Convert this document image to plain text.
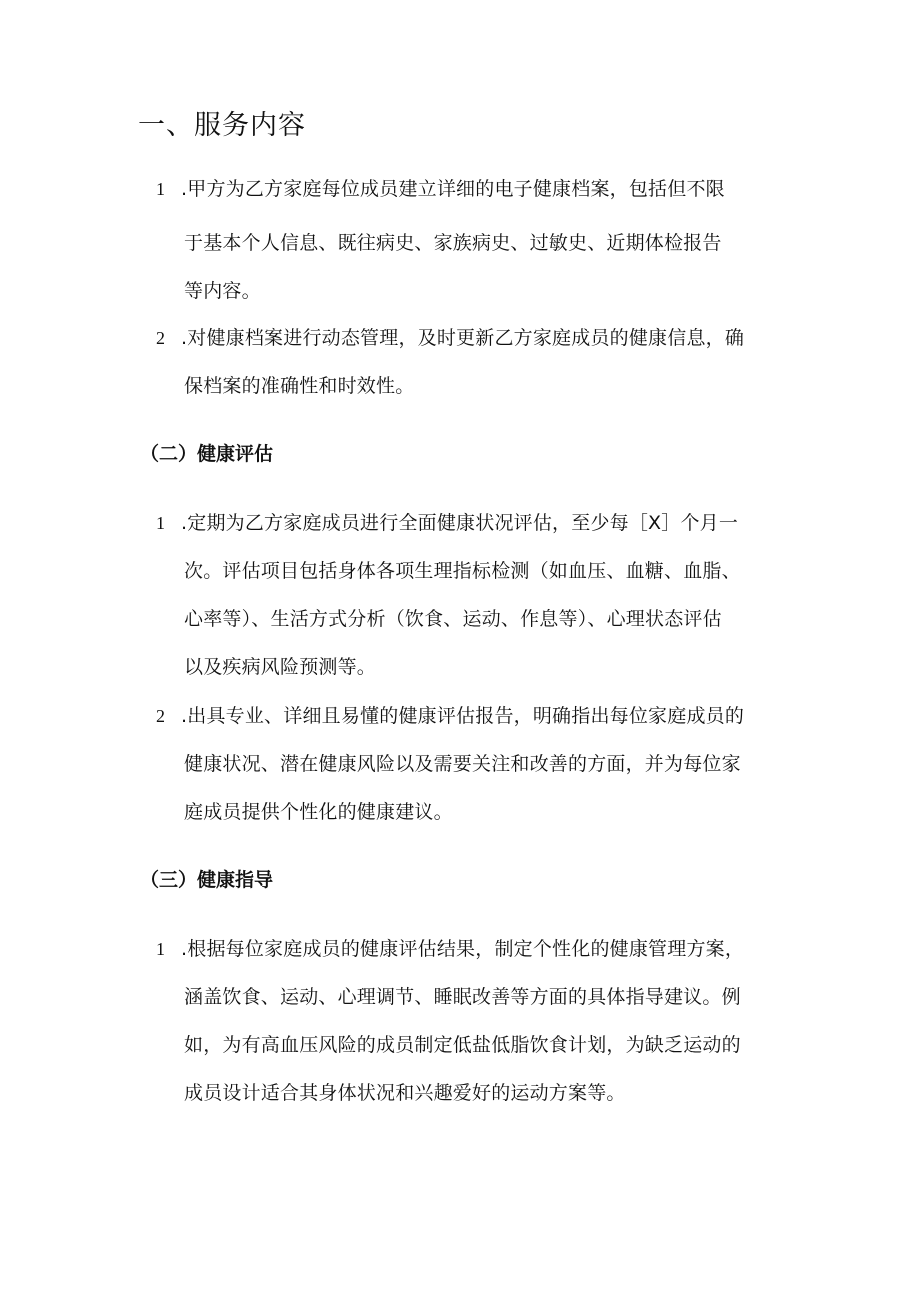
一、服务内容
1 .甲方为乙方家庭每位成员建立详细的电子健康档案，包括但不限
于基本个人信息、既往病史、家族病史、过敏史、近期体检报告
等内容。
2 .对健康档案进行动态管理，及时更新乙方家庭成员的健康信息，确
保档案的准确性和时效性。
（二）健康评估
1 .定期为乙方家庭成员进行全面健康状况评估，至少每［X］个月一
次。评估项目包括身体各项生理指标检测（如血压、血糖、血脂、
心率等）、生活方式分析（饮食、运动、作息等）、心理状态评估
以及疾病风险预测等。
2 .出具专业、详细且易懂的健康评估报告，明确指出每位家庭成员的
健康状况、潜在健康风险以及需要关注和改善的方面，并为每位家
庭成员提供个性化的健康建议。
（三）健康指导
1 .根据每位家庭成员的健康评估结果，制定个性化的健康管理方案，
涵盖饮食、运动、心理调节、睡眠改善等方面的具体指导建议。例
如，为有高血压风险的成员制定低盐低脂饮食计划，为缺乏运动的
成员设计适合其身体状况和兴趣爱好的运动方案等。
